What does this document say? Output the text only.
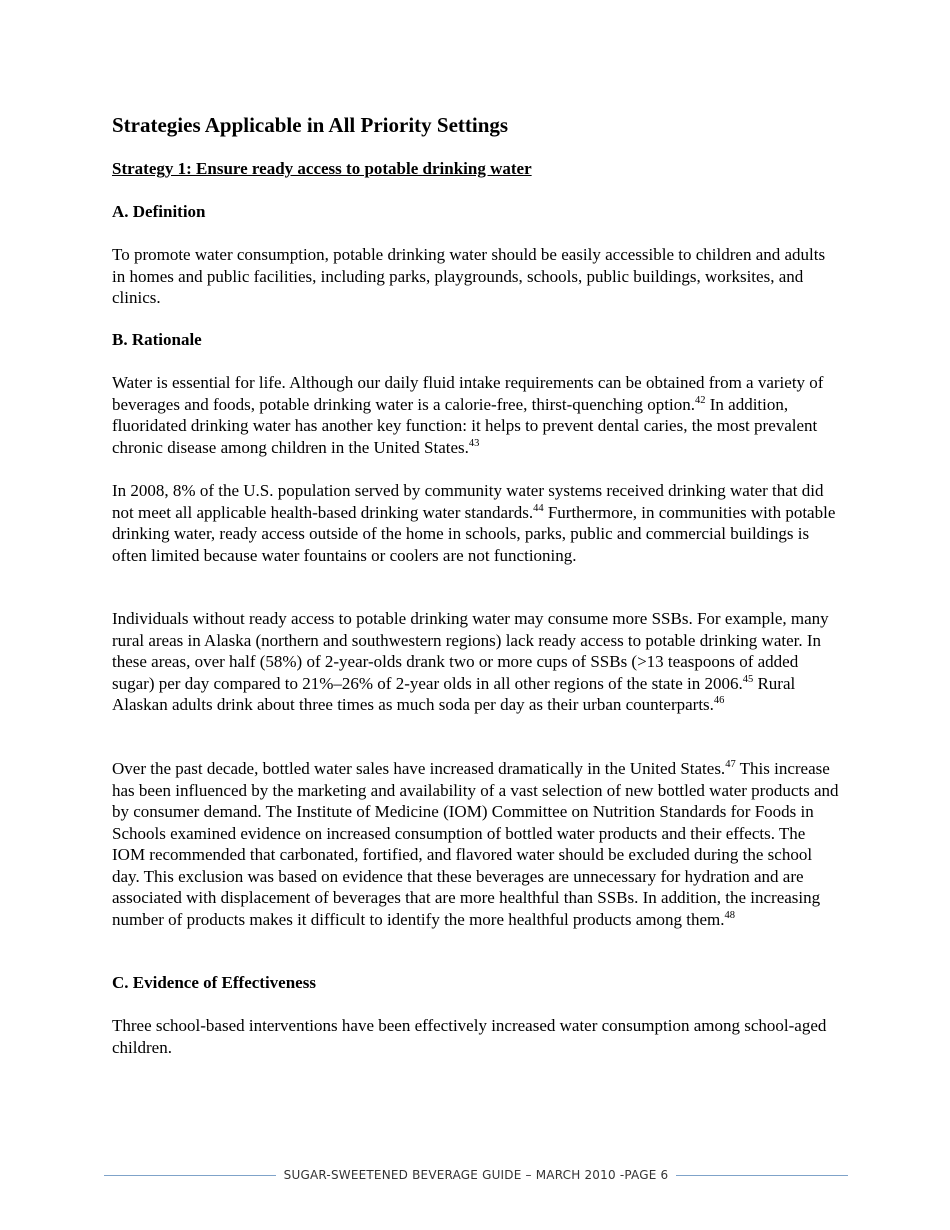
Strategies Applicable in All Priority Settings
Strategy 1: Ensure ready access to potable drinking water
A. Definition

To promote water consumption, potable drinking water should be easily accessible to children and adults in homes and public facilities, including parks, playgrounds, schools, public buildings, worksites, and clinics.

B. Rationale

Water is essential for life. Although our daily fluid intake requirements can be obtained from a variety of beverages and foods, potable drinking water is a calorie-free, thirst-quenching option.$^{42}$ In addition, fluoridated drinking water has another key function: it helps to prevent dental caries, the most prevalent chronic disease among children in the United States.$^{43}$

In 2008, 8% of the U.S. population served by community water systems received drinking water that did not meet all applicable health-based drinking water standards.$^{44}$ Furthermore, in communities with potable drinking water, ready access outside of the home in schools, parks, public and commercial buildings is often limited because water fountains or coolers are not functioning.

Individuals without ready access to potable drinking water may consume more SSBs. For example, many rural areas in Alaska (northern and southwestern regions) lack ready access to potable drinking water. In these areas, over half (58%) of 2-year-olds drank two or more cups of SSBs (>13 teaspoons of added sugar) per day compared to 21%–26% of 2-year olds in all other regions of the state in 2006.45 Rural Alaskan adults drink about three times as much soda per day as their urban counterparts.$^{46}$

Over the past decade, bottled water sales have increased dramatically in the United States.$^{47}$ This increase has been influenced by the marketing and availability of a vast selection of new bottled water products and by consumer demand. The Institute of Medicine (IOM) Committee on Nutrition Standards for Foods in Schools examined evidence on increased consumption of bottled water products and their effects. The IOM recommended that carbonated, fortified, and flavored water should be excluded during the school day. This exclusion was based on evidence that these beverages are unnecessary for hydration and are associated with displacement of beverages that are more healthful than SSBs. In addition, the increasing number of products makes it difficult to identify the more healthful products among them.$^{48}$

C. Evidence of Effectiveness

Three school-based interventions have been effectively increased water consumption among school-aged children.

SUGAR-SWEETENED BEVERAGE GUIDE – MARCH 2010 -PAGE 6
